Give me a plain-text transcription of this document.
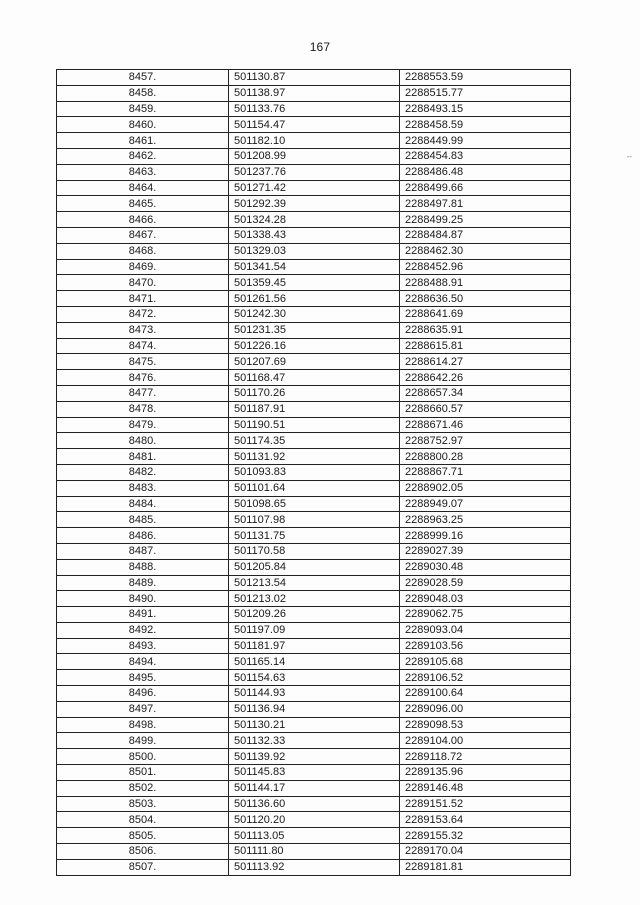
167
--
8457.	501130.87	2288553.59
8458.	501138.97	2288515.77
8459.	501133.76	2288493.15
8460.	501154.47	2288458.59
8461.	501182.10	2288449.99
8462.	501208.99	2288454.83
8463.	501237.76	2288486.48
8464.	501271.42	2288499.66
8465.	501292.39	2288497.81
8466.	501324.28	2288499.25
8467.	501338.43	2288484.87
8468.	501329.03	2288462.30
8469.	501341.54	2288452.96
8470.	501359.45	2288488.91
8471.	501261.56	2288636.50
8472.	501242.30	2288641.69
8473.	501231.35	2288635.91
8474.	501226.16	2288615.81
8475.	501207.69	2288614.27
8476.	501168.47	2288642.26
8477.	501170.26	2288657.34
8478.	501187.91	2288660.57
8479.	501190.51	2288671.46
8480.	501174.35	2288752.97
8481.	501131.92	2288800.28
8482.	501093.83	2288867.71
8483.	501101.64	2288902.05
8484.	501098.65	2288949.07
8485.	501107.98	2288963.25
8486.	501131.75	2288999.16
8487.	501170.58	2289027.39
8488.	501205.84	2289030.48
8489.	501213.54	2289028.59
8490.	501213.02	2289048.03
8491.	501209.26	2289062.75
8492.	501197.09	2289093.04
8493.	501181.97	2289103.56
8494.	501165.14	2289105.68
8495.	501154.63	2289106.52
8496.	501144.93	2289100.64
8497.	501136.94	2289096.00
8498.	501130.21	2289098.53
8499.	501132.33	2289104.00
8500.	501139.92	2289118.72
8501.	501145.83	2289135.96
8502.	501144.17	2289146.48
8503.	501136.60	2289151.52
8504.	501120.20	2289153.64
8505.	501113.05	2289155.32
8506.	501111.80	2289170.04
8507.	501113.92	2289181.81
